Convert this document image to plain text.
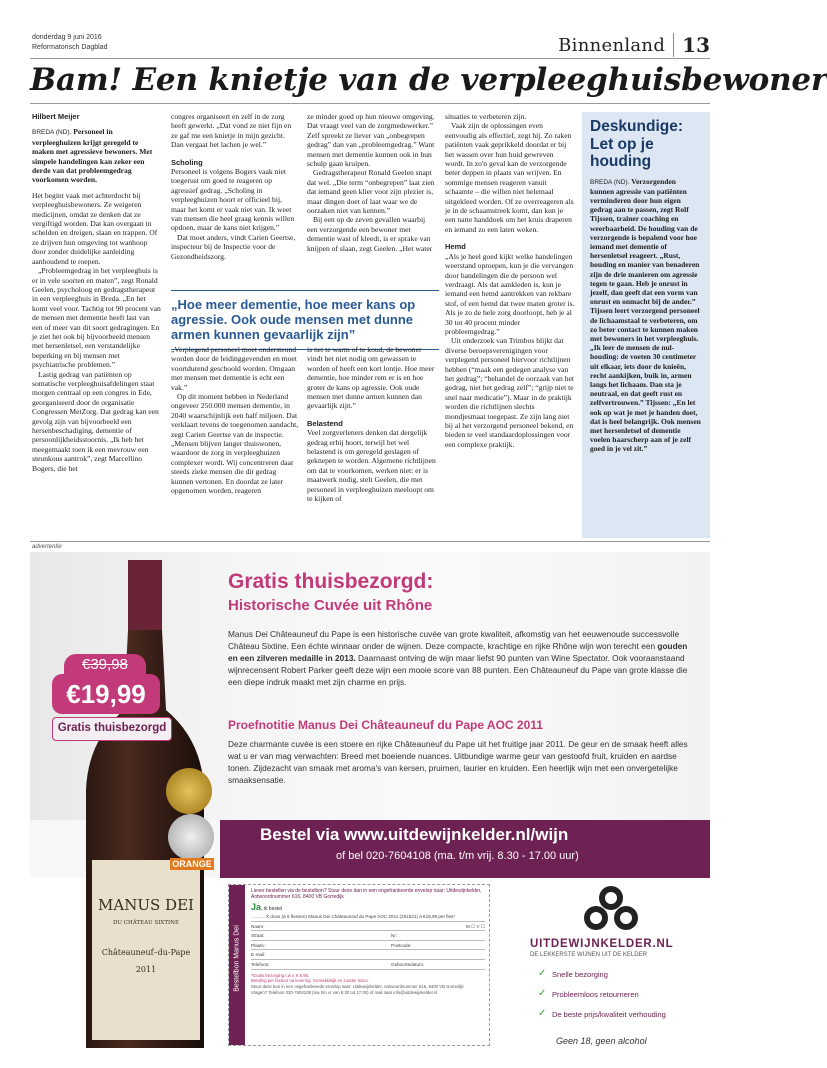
donderdag 9 juni 2016
Reformatorisch Dagblad	Binnenland 13
Bam! Een knietje van de verpleeghuisbewoner
Hilbert Meijer

BREDA (ND). Personeel in verpleeghuizen krijgt geregeld te maken met agressieve bewoners. Met simpele handelingen kan zeker een derde van dat probleemgedrag voorkomen worden.

Het begint vaak met achterdocht bij verpleeghuisbewoners. Ze weigeren medicijnen, omdat ze denken dat ze vergiftigd worden. Dat kan overgaan in schelden en dreigen, slaan en trappen. Of ze drijven hun omgeving tot wanhoop door zonder duidelijke aanleiding aanhoudend te roepen.

„Probleemgedrag in het verpleeghuis is er in vele soorten en maten”, zegt Ronald Geelen, psycholoog en gedragstherapeut in een verpleeghuis in Breda. „En het komt veel voor. Tachtig tot 90 procent van de mensen met dementie heeft last van een of meer van dit soort gedragingen. En je ziet het ook bij bijvoorbeeld mensen met hersenletsel, een verstandelijke beperking en bij mensen met psychiatrische problemen.”

Lastig gedrag van patiënten op somatische verpleeghuisafdelingen staat morgen centraal op een congres in Ede, georganiseerd door de organisatie Congressen MetZorg. Dat gedrag kan een gevolg zijn van bijvoorbeeld een hersenbeschadiging, dementie of persoonlijkheidsstoornis. „Ik heb het meegemaakt toen ik een mevrouw een steunkous aantrok”, zegt Marcellino Bogers, die het

congres organiseert en zelf in de zorg heeft gewerkt. „Dat vond ze niet fijn en ze gaf me een knietje in mijn gezicht. Dan vergaat het lachen je wel.”

Scholing

Personeel is volgens Bogers vaak niet toegerust om goed te reageren op agressief gedrag. „Scholing in verpleeghuizen hoort er officieel bij, maar het komt er vaak niet van. Ik weet van mensen die heel graag kennis willen opdoen, maar de kans niet krijgen.”

Dat moet anders, vindt Carien Geertse, inspecteur bij de Inspectie voor de Gezondheidszorg.

ze minder goed op hun nieuwe omgeving. Dat vraagt veel van de zorgmedewerker.” Zelf spreekt ze liever van „onbegrepen gedrag” dan van „probleemgedrag.” Want mensen met dementie kunnen ook in hun schulp gaan kruipen.

Gedragstherapeut Ronald Geelen snapt dat wel. „Die term “onbegrepen” laat zien dat iemand geen klier voor zijn plezier is, maar dingen doet of laat waar we de oorzaken niet van kennen.”

Bij een op de zeven gevallen waarbij een verzorgende een bewoner met dementie wast of kleedt, is er sprake van knijpen of slaan, zegt Geelen. „Het water

„Hoe meer dementie, hoe meer kans op agressie. Ook oude mensen met dunne armen kunnen gevaarlijk zijn”

„Verplegend personeel moet ondersteund worden door de leidinggevenden en moet voortdurend geschoold worden. Omgaan met mensen met dementie is echt een vak.”

Op dit moment hebben in Nederland ongeveer 250.000 mensen dementie, in 2040 waarschijnlijk een half miljoen. Dat verklaart tevens de toegenomen aandacht, zegt Carien Geertse van de inspectie. „Mensen blijven langer thuiswonen, waardoor de zorg in verpleeghuizen complexer wordt. Wij concentreren daar steeds zieke mensen die dit gedrag kunnen vertonen. En doordat ze later opgenomen worden, reageren

is net te warm of te koud, de bewoner vindt het niet nodig om gewassen te worden of heeft een kort lontje. Hoe meer dementie, hoe minder rem er is en hoe groter de kans op agressie. Ook oude mensen met dunne armen kunnen dan gevaarlijk zijn.”

Belastend

Veel zorgverleners denken dat dergelijk gedrag erbij hoort, terwijl het wel belastend is om geregeld geslagen of geknepen te worden. Algemene richtlijnen om dat te voorkomen, werken niet: er is maatwerk nodig, stelt Geelen, die met personeel in verpleeghuizen meeloopt om te kijken of

situaties te verbeteren zijn.

Vaak zijn de oplossingen even eenvoudig als effectief, zegt hij. Zo raken patiënten vaak geprikkeld doordat er bij het wassen over hun huid gewreven wordt. In zo'n geval kan de verzorgende beter deppen in plaats van wrijven. En sommige mensen reageren vanuit schaamte – die willen niet helemaal uitgekleed worden. Of ze overreageren als je in de schaamstreek komt, dan kun je een natte handdoek om het kruis draperen en iemand zo een laten weken.

Hemd

„Als je heel goed kijkt welke handelingen weerstand oproepen, kun je die vervangen door handelingen die de persoon wel verdraagt. Als dat aankleden is, kun je iemand een hemd aantrekken van rekbare stof, of een hemd dat twee maten groter is. Als je zo de hele zorg doorloopt, heb je al 30 tot 40 procent minder probleemgedrag.”

Uit onderzoek van Trimbos blijkt dat diverse beroepsverenigingen voor verplegend personeel hiervoor richtlijnen hebben (“maak een gedegen analyse van het gedrag”; “behandel de oorzaak van het gedrag, niet het gedrag zelf”; “grijp niet te snel naar medicatie”). Maar in de praktijk worden die richtlijnen slechts mondjesmaat toegepast. Ze zijn lang niet bij al het verzorgend personeel bekend, en bieden te veel standaardoplossingen voor een complexe praktijk.

Deskundige: Let op je houding

BREDA (ND). Verzorgenden kunnen agressie van patiënten verminderen door hun eigen gedrag aan te passen, zegt Rolf Tijssen, trainer coaching en weerbaarheid. De houding van de verzorgende is bepalend voor hoe iemand met dementie of hersenletsel reageert. „Rust, houding en manier van benaderen zijn de drie manieren om agressie tegen te gaan. Heb je onrust in jezelf, dan geeft dat een vorm van onrust en onmacht bij de ander.”

Tijssen leert verzorgend personeel de lichaamstaal te verbeteren, om zo beter contact te kunnen maken met bewoners in het verpleeghuis. „Ik leer de mensen de nul-houding: de voeten 30 centimeter uit elkaar, iets door de knieën, recht aankijken, buik in, armen langs het lichaam. Dan sta je neutraal, en dat geeft rust en zelfvertrouwen.” Tijssen: „En let ook op wat je met je handen doet, dat is heel belangrijk. Ook mensen met hersenletsel of dementie voelen haarscherp aan of je zelf goed in je vel zit.”

advertentie
MANUS DEI
DU CHÂTEAU SIXTINE
Châteauneuf–du-Pape
2011
ORANGE
€39,98
€19,99
Gratis thuisbezorgd
Gratis thuisbezorgd:
Historische Cuvée uit Rhône
Manus Dei Châteauneuf du Pape is een historische cuvée van grote kwaliteit, afkomstig van het eeuwenoude successvolle Château Sixtine. Een échte winnaar onder de wijnen. Deze compacte, krachtige en rijke Rhône wijn won terecht een gouden en een zilveren medaille in 2013. Daarnaast ontving de wijn maar liefst 90 punten van Wine Spectator. Ook vooraanstaand wijnrecensent Robert Parker geeft deze wijn een mooie score van 88 punten. Een Châteauneuf du Pape van grote klasse die een diepe indruk maakt met zijn charme en prijs.
Proefnotitie Manus Dei Châteauneuf du Pape AOC 2011
Deze charmante cuvée is een stoere en rijke Châteauneuf du Pape uit het fruitige jaar 2011. De geur en de smaak heeft alles wat u er van mag verwachten: Breed met boeiende nuances. Uitbundige warme geur van gestoofd fruit, kruiden en aardse tonen. Zijdezacht van smaak met aroma's van kersen, pruimen, laurier en kruiden. Een heerlijk wijn met een onvergetelijke smaaksensatie.
Bestel via www.uitdewijnkelder.nl/wijn
of bel 020-7604108 (ma. t/m vrij. 8.30 - 17.00 uur)
Bestelbon Manus Dei
Liever bestellen via de bestelbon? Stuur deze dan in een ongefrankeerde envelop naar: Uitdewijnkelder, Antwoordnummer 616, 8400 VB Gorredijk
Ja, ik bestel
……… X doos (à 6 flessen) Manus Dei Châteauneuf du Pape AOC 2011 (251531) à €19,99 per fles*
Naam:	M ☐ V ☐
Straat:	Nr:
Plaats:	Postcode:
E-mail:
Telefoon:	Geboortedatum:
*Gratis bezorging t.w.v. € 5,95.
Betaling per factuur na levering. Gemakkelijk en zonder risico.
Stuur deze bon in een ongefrankeerde envelop naar: Uitdewijnkelder, Antwoordnummer 616, 8400 VB Gorredijk
Vragen? Telefoon 020-7604108 (ma t/m vr van 8.30 tot 17.00) of mail naar info@uitdewijnkelder.nl
UITDEWIJNKELDER.NL
DE LEKKERSTE WIJNEN UIT DE KELDER
✓ Snelle bezorging
✓ Probleemloos retourneren
✓ De beste prijs/kwaliteit verhouding
Geen 18, geen alcohol
